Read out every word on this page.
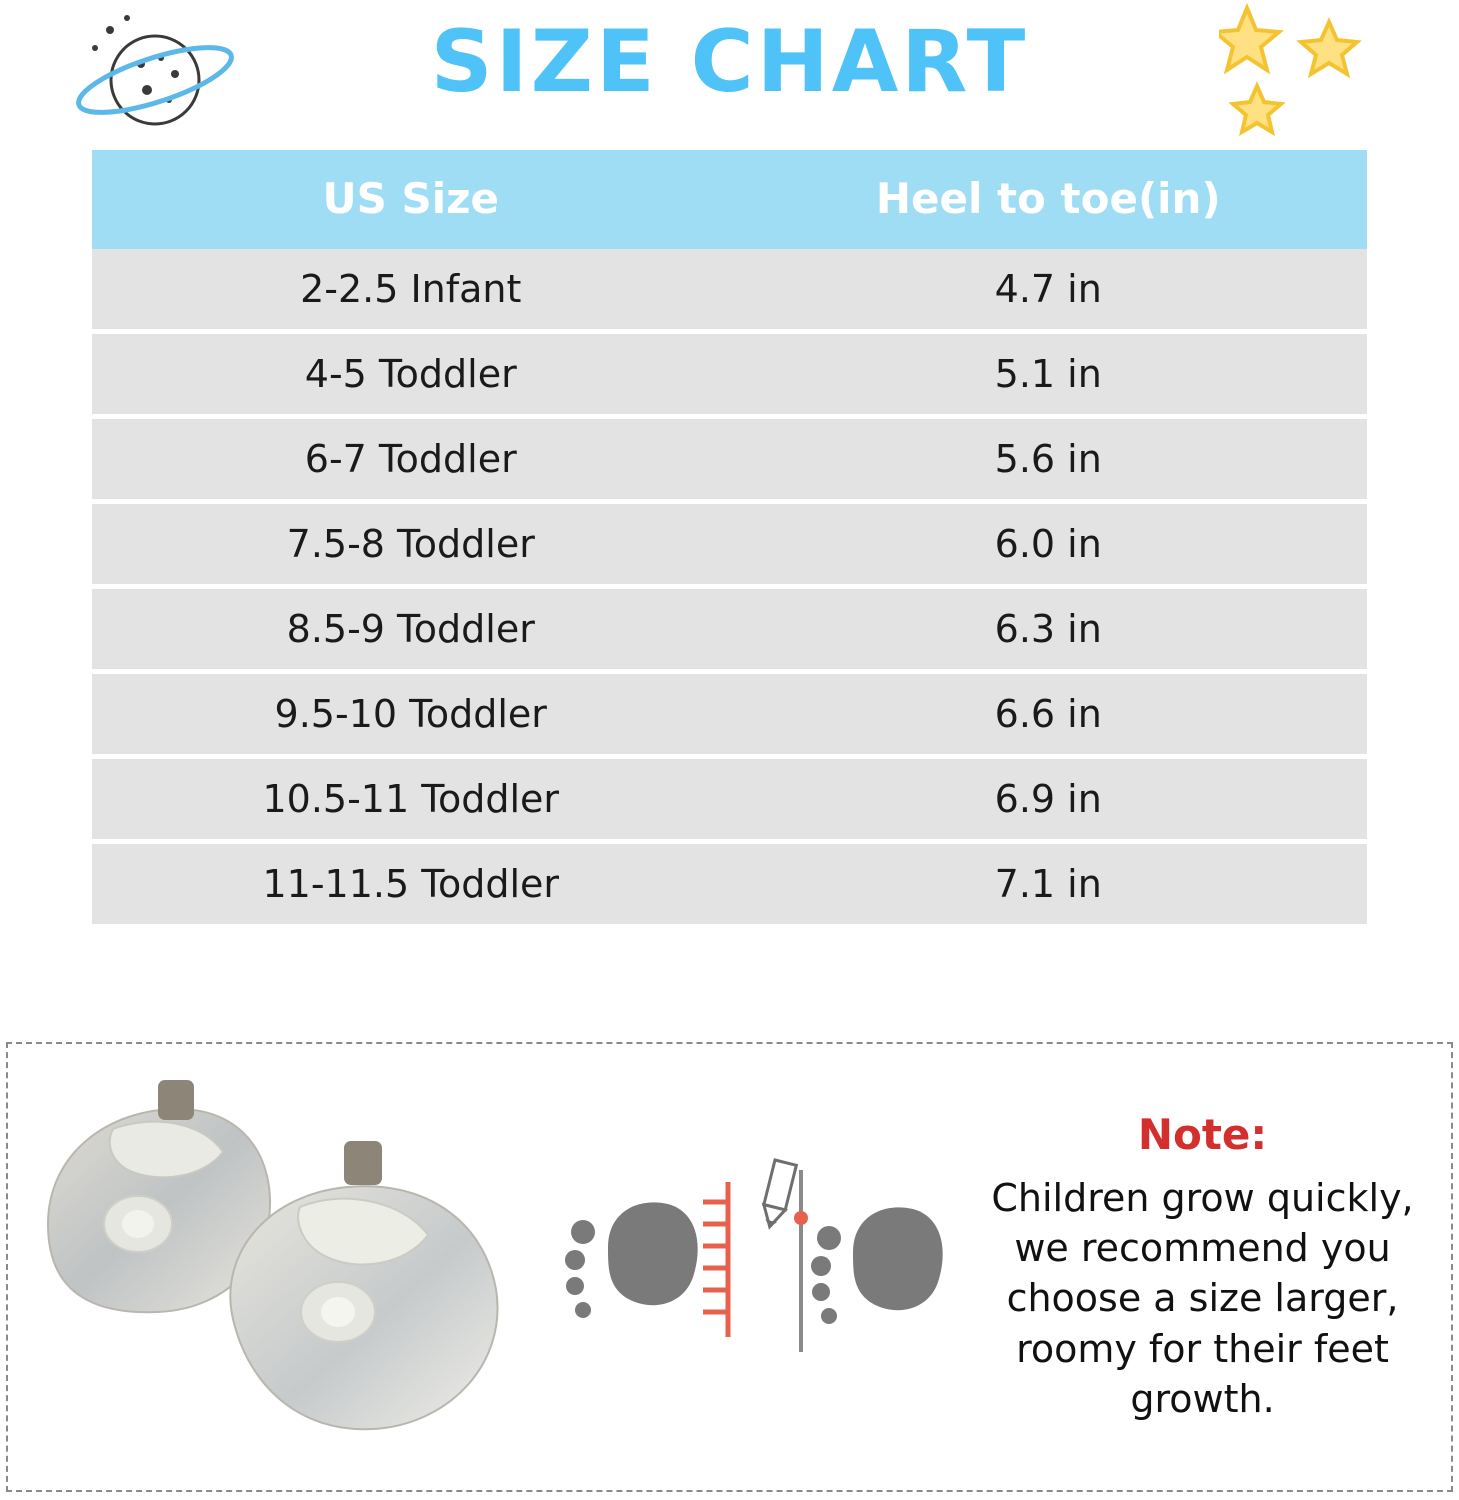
SIZE CHART
US Size	Heel to toe(in)
2-2.5 Infant	4.7 in
4-5 Toddler	5.1 in
6-7 Toddler	5.6 in
7.5-8 Toddler	6.0 in
8.5-9 Toddler	6.3 in
9.5-10 Toddler	6.6 in
10.5-11 Toddler	6.9 in
11-11.5 Toddler	7.1 in
Note:
Children grow quickly, we recommend you choose a size larger, roomy for their feet growth.
